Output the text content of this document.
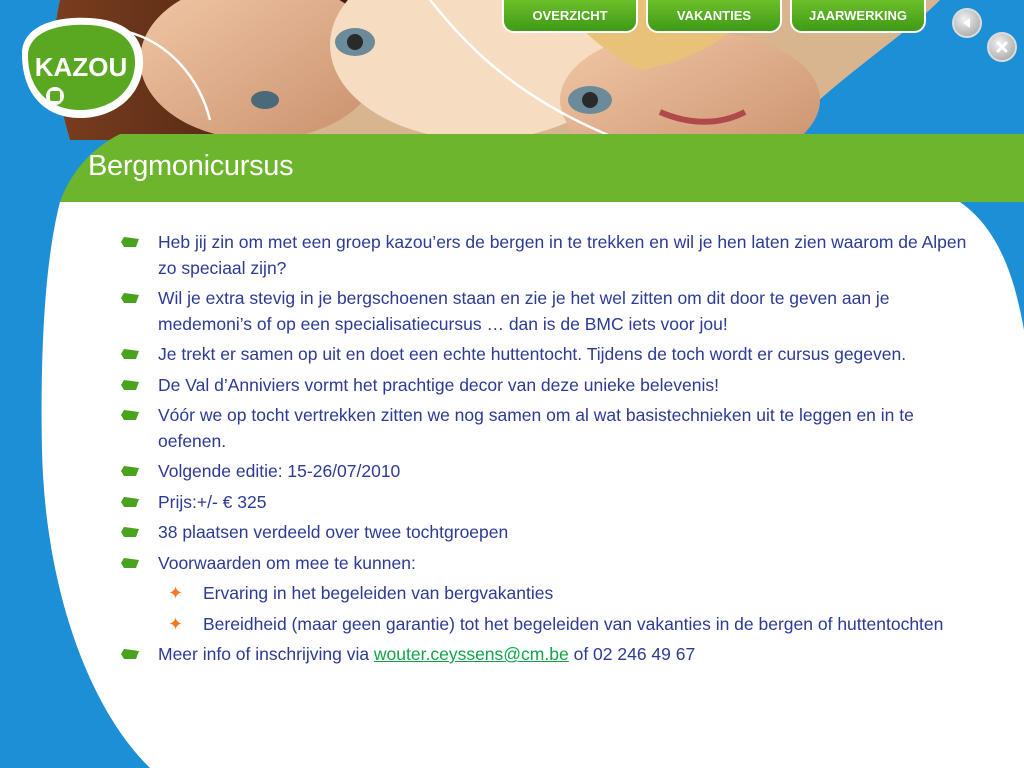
Bergmonicursus
KAZOU
OVERZICHT	VAKANTIES	JAARWERKING
Heb jij zin om met een groep kazou’ers de bergen in te trekken en wil je hen laten zien waarom de Alpen zo speciaal zijn?
Wil je extra stevig in je bergschoenen staan en zie je het wel zitten om dit door te geven aan je medemoni’s of op een specialisatiecursus … dan is de BMC iets voor jou!
Je trekt er samen op uit en doet een echte huttentocht. Tijdens de toch wordt er cursus gegeven.
De Val d’Anniviers vormt het prachtige decor van deze unieke belevenis!
Vóór we op tocht vertrekken zitten we nog samen om al wat basistechnieken uit te leggen en in te oefenen.
Volgende editie: 15-26/07/2010
Prijs:+/- € 325
38 plaatsen verdeeld over twee tochtgroepen
Voorwaarden om mee te kunnen:
✦ Ervaring in het begeleiden van bergvakanties
✦ Bereidheid (maar geen garantie) tot het begeleiden van vakanties in de bergen of huttentochten
Meer info of inschrijving via wouter.ceyssens@cm.be of 02 246 49 67
